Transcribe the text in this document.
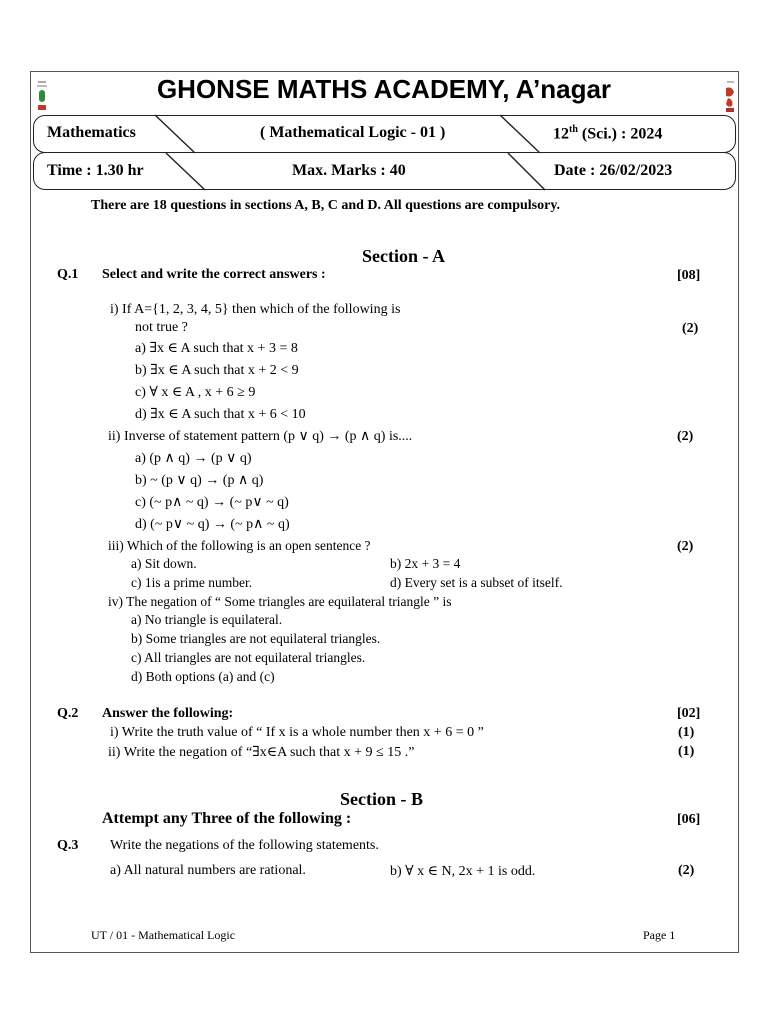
GHONSE MATHS ACADEMY, A’nagar
Mathematics	( Mathematical Logic - 01 )	12th (Sci.) : 2024
Time : 1.30 hr	Max. Marks : 40	Date : 26/02/2023
There are 18 questions in sections A, B, C and D. All questions are compulsory.
Section - A
Q.1 Select and write the correct answers :	[08]
i) If A={1, 2, 3, 4, 5} then which of the following is
not true ?	(2)
a) ∃x ∈ A such that x + 3 = 8
b) ∃x ∈ A such that x + 2 < 9
c) ∀ x ∈ A , x + 6 ≥ 9
d) ∃x ∈ A such that x + 6 < 10
ii) Inverse of statement pattern (p ∨ q) → (p ∧ q) is....	(2)
a) (p ∧ q) → (p ∨ q)
b) ~ (p ∨ q) → (p ∧ q)
c) (~ p∧ ~ q) → (~ p∨ ~ q)
d) (~ p∨ ~ q) → (~ p∧ ~ q)
iii) Which of the following is an open sentence ?	(2)
a) Sit down.	b) 2x + 3 = 4
c) 1is a prime number.	d) Every set is a subset of itself.
iv) The negation of “ Some triangles are equilateral triangle ” is
a) No triangle is equilateral.
b) Some triangles are not equilateral triangles.
c) All triangles are not equilateral triangles.
d) Both options (a) and (c)
Q.2 Answer the following:	[02]
i) Write the truth value of “ If x is a whole number then x + 6 = 0 ”	(1)
ii) Write the negation of “∃x∈A such that x + 9 ≤ 15 .”	(1)
Section - B
Attempt any Three of the following :	[06]
Q.3 Write the negations of the following statements.
a) All natural numbers are rational.	b) ∀ x ∈ N, 2x + 1 is odd.	(2)
UT / 01 - Mathematical Logic	Page 1
